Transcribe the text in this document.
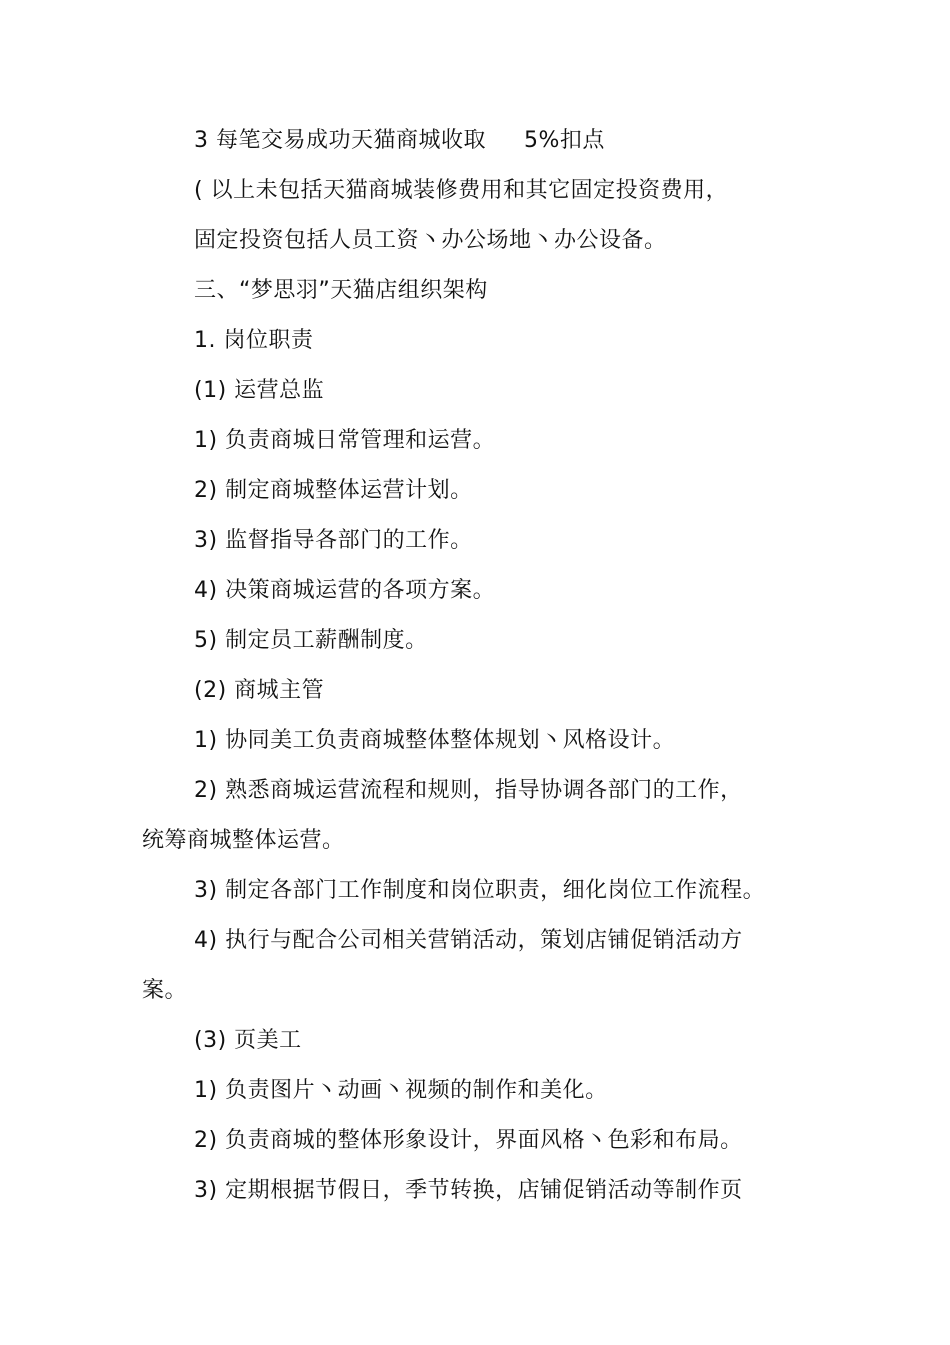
3 每笔交易成功天猫商城收取 5%扣点
( 以上未包括天猫商城装修费用和其它固定投资费用，
固定投资包括人员工资丶办公场地丶办公设备。
三、“梦思羽”天猫店组织架构
1. 岗位职责
(1) 运营总监
1) 负责商城日常管理和运营。
2) 制定商城整体运营计划。
3) 监督指导各部门的工作。
4) 决策商城运营的各项方案。
5) 制定员工薪酬制度。
(2) 商城主管
1) 协同美工负责商城整体整体规划丶风格设计。
2) 熟悉商城运营流程和规则，指导协调各部门的工作，
统筹商城整体运营。
3) 制定各部门工作制度和岗位职责，细化岗位工作流程。
4) 执行与配合公司相关营销活动，策划店铺促销活动方
案。
(3) 页美工
1) 负责图片丶动画丶视频的制作和美化。
2) 负责商城的整体形象设计，界面风格丶色彩和布局。
3) 定期根据节假日，季节转换，店铺促销活动等制作页
